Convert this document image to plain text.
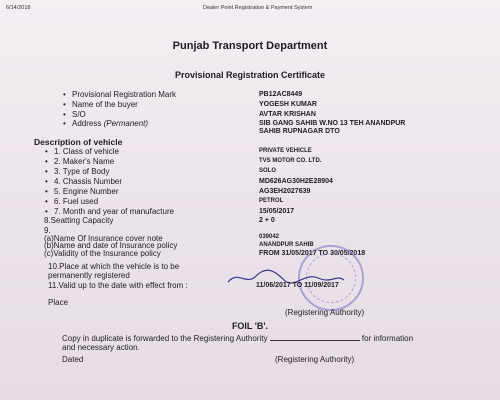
6/14/2018	Dealer Point Registration & Payment System
Punjab Transport Department
Provisional Registration Certificate
• Provisional Registration Mark	PB12AC8449
• Name of the buyer	YOGESH KUMAR
• S/O	AVTAR KRISHAN
• Address (Permanent)	SIB GANG SAHIB W.NO 13 TEH ANANDPUR
SAHIB RUPNAGAR DTO
Description of vehicle
• 1. Class of vehicle	PRIVATE VEHICLE
• 2. Maker's Name	TVS MOTOR CO. LTD.
• 3. Type of Body	SOLO
• 4. Chassis Number	MD626AG30H2E28904
• 5. Engine Number	AG3EH2027639
• 6. Fuel used	PETROL
• 7. Month and year of manufacture	15/05/2017
8.Seatting Capacity	2 + 0
9.
(a)Name Of Insurance cover note	039042
(b)Name and date of Insurance policy	ANANDPUR SAHIB
(c)Validity of the Insurance policy	FROM 31/05/2017 TO 30/05/2018
10.Place at which the vehicle is to be
permanently registered
11.Valid up to the date with effect from :	11/06/2017 TO 11/09/2017
Place
(Registering Authority)
FOIL 'B'.
Copy in duplicate is forwarded to the Registering Authority	for information
and necessary action.
Dated	(Registering Authority)
